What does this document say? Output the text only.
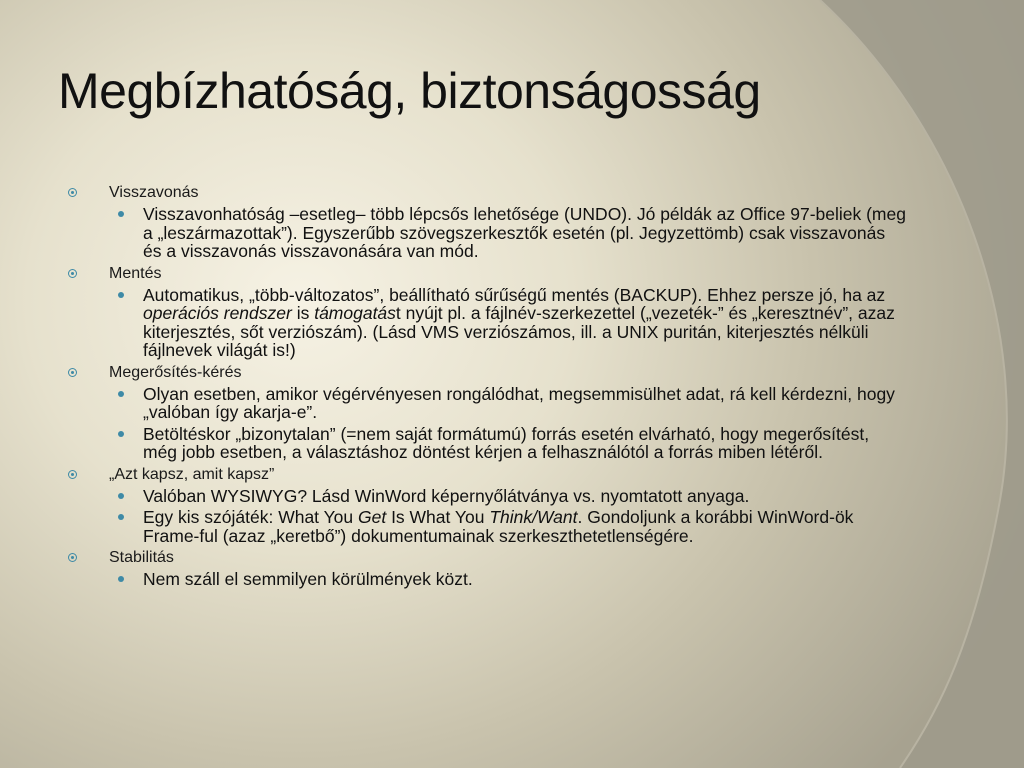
Megbízhatóság, biztonságosság
Visszavonás
Visszavonhatóság –esetleg– több lépcsős lehetősége (UNDO). Jó példák az Office 97-beliek (meg a „leszármazottak”). Egyszerűbb szövegszerkesztők esetén (pl. Jegyzettömb) csak visszavonás és a visszavonás visszavonására van mód.
Mentés
Automatikus, „több-változatos”, beállítható sűrűségű mentés (BACKUP). Ehhez persze jó, ha az operációs rendszer is támogatást nyújt pl. a fájlnév-szerkezettel („vezeték-” és „keresztnév”, azaz kiterjesztés, sőt verziószám). (Lásd VMS verziószámos, ill. a UNIX puritán, kiterjesztés nélküli fájlnevek világát is!)
Megerősítés-kérés
Olyan esetben, amikor végérvényesen rongálódhat, megsemmisülhet adat, rá kell kérdezni, hogy „valóban így akarja-e”.
Betöltéskor „bizonytalan” (=nem saját formátumú) forrás esetén elvárható, hogy megerősítést, még jobb esetben, a választáshoz döntést kérjen a felhasználótól a forrás miben létéről.
„Azt kapsz, amit kapsz”
Valóban WYSIWYG? Lásd WinWord képernyőlátványa vs. nyomtatott anyaga.
Egy kis szójáték: What You Get Is What You Think/Want. Gondoljunk a korábbi WinWord-ök Frame-ful (azaz „keretbő”) dokumentumainak szerkeszthetetlenségére.
Stabilitás
Nem száll el semmilyen körülmények közt.
